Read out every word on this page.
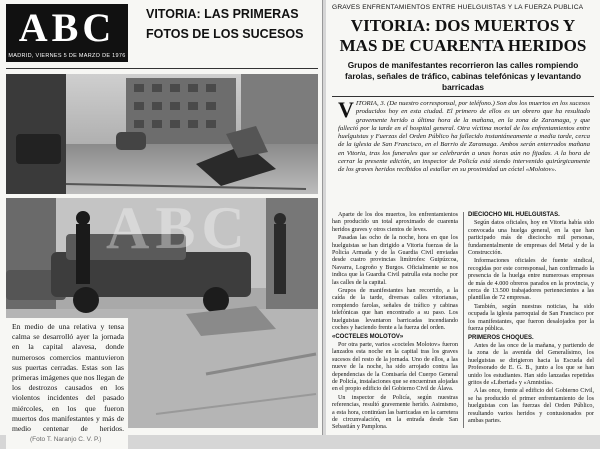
ABC
MADRID, VIERNES 5 DE MARZO DE 1976
VITORIA: LAS PRIMERAS FOTOS DE LOS SUCESOS
ABC
En medio de una relativa y tensa calma se desarrolló ayer la jornada en la capital alavesa, donde numerosos comercios mantuvieron sus puertas cerradas. Estas son las primeras imágenes que nos llegan de los destrozos causados en los violentos incidentes del pasado miércoles, en los que fueron muertos dos manifestantes y más de medio centenar de heridos. (Foto T. Naranjo C. V. P.)
GRAVES ENFRENTAMIENTOS ENTRE HUELGUISTAS Y LA FUERZA PUBLICA
VITORIA: DOS MUERTOS Y MAS DE CUARENTA HERIDOS
Grupos de manifestantes recorrieron las calles rompiendo farolas, señales de tráfico, cabinas telefónicas y levantando barricadas
V ITORIA, 3. (De nuestro corresponsal, por teléfono.) Son dos los muertos en los sucesos producidos hoy en esta ciudad. El primero de ellos es un obrero que ha resultado gravemente herido a última hora de la mañana, en la zona de Zaramaga, y que falleció por la tarde en el hospital general. Otra víctima mortal de los enfrentamientos entre huelguistas y Fuerzas del Orden Público ha fallecido instantáneamente a media tarde, cerca de la iglesia de San Francisco, en el Barrio de Zaramaga. Ambos serán enterrados mañana en Vitoria, tras los funerales que se celebrarán a unas horas aún no fijadas. A la hora de cerrar la presente edición, un inspector de Policía está siendo intervenido quirúrgicamente de los graves heridos recibidos al estallar en su proximidad un cóctel «Molotov».

Aparte de los dos muertos, los enfrentamientos han producido un total aproximado de cuarenta heridos graves y otros cientos de leves.

Pasadas las ocho de la noche, hora en que los huelguistas se han dirigido a Vitoria fuerzas de la Policía Armada y de la Guardia Civil enviadas desde cuatro provincias limítrofes: Guipúzcoa, Navarra, Logroño y Burgos. Oficialmente se nos indica que la Guardia Civil patrulla esta noche por las calles de la capital.

Grupos de manifestantes han recorrido, a la caída de la tarde, diversas calles vitorianas, rompiendo farolas, señales de tráfico y cabinas telefónicas que han encontrado a su paso. Los huelguistas levantaron barricadas incendiando coches y haciendo frente a la fuerza del orden.

«COCTELES MOLOTOV»

Por otra parte, varios «cocteles Molotov» fueron lanzados esta noche en la capital tras los graves sucesos del resto de la jornada. Uno de ellos, a las nueve de la noche, ha sido arrojado contra las dependencias de la Comisaría del Cuerpo General de Policía, instalaciones que se encuentran alojadas en el propio edificio del Gobierno Civil de Álava.

Un inspector de Policía, según nuestras referencias, resultó gravemente herido. Asimismo, a esta hora, continúan las barricadas en la carretera de circunvalación, en la entrada desde San Sebastián y Pamplona.

DIECIOCHO MIL HUELGUISTAS.

Según datos oficiales, hoy en Vitoria había sido convocada una huelga general, en la que han participado más de dieciocho mil personas, fundamentalmente de empresas del Metal y de la Construcción.

Informaciones oficiales de fuente sindical, recogidas por este corresponsal, han confirmado la presencia de la huelga entre numerosas empresas de más de 4.000 obreros parados en la provincia, y cerca de 13.500 trabajadores pertenecientes a las plantillas de 72 empresas.

También, según nuestras noticias, ha sido ocupada la iglesia parroquial de San Francisco por los manifestantes, que fueron desalojados por la fuerza pública.

PRIMEROS CHOQUES.

Antes de las once de la mañana, y partiendo de la zona de la avenida del Generalísimo, los huelguistas se dirigieron hacia la Escuela del Profesorado de E. G. B., junto a los que se han unido los estudiantes. Han sido lanzadas repetidas gritos de «Libertad» y «Amnistía».

A las once, frente al edificio del Gobierno Civil, se ha producido el primer enfrentamiento de los huelguistas con las fuerzas del Orden Público, resultando varios heridos y contusionados por ambas partes.
